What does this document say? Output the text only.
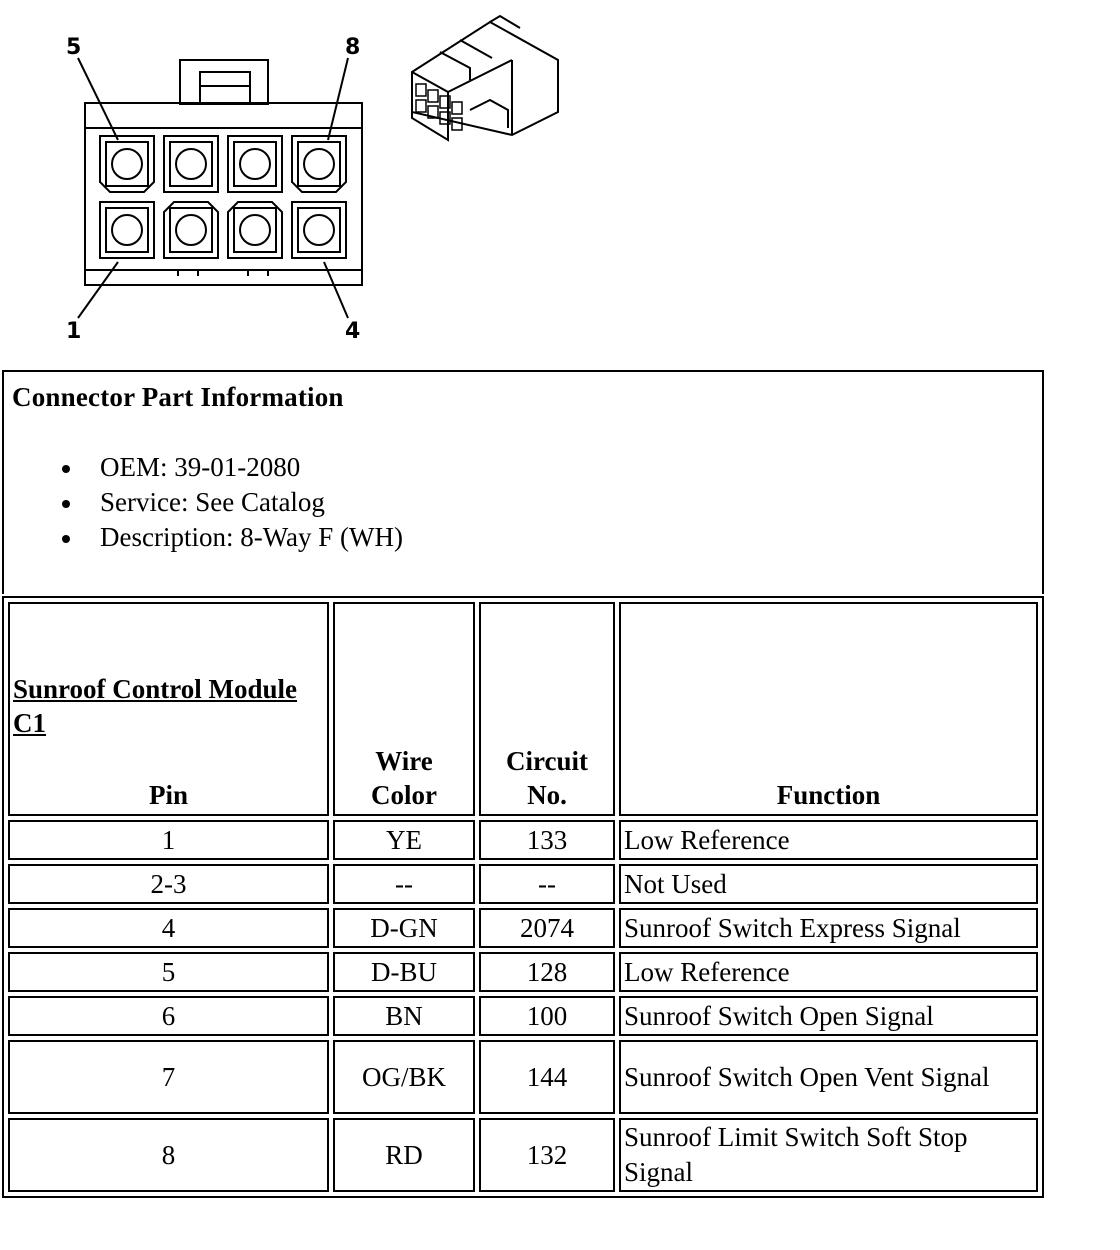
5	8
1	4
Connector Part Information
OEM: 39-01-2080
Service: See Catalog
Description: 8-Way F (WH)
Sunroof Control Module C1
Pin	Wire Color	Circuit No.	Function
1	YE	133	Low Reference
2-3	--	--	Not Used
4	D-GN	2074	Sunroof Switch Express Signal
5	D-BU	128	Low Reference
6	BN	100	Sunroof Switch Open Signal
7	OG/BK	144	Sunroof Switch Open Vent Signal
8	RD	132	Sunroof Limit Switch Soft Stop Signal
